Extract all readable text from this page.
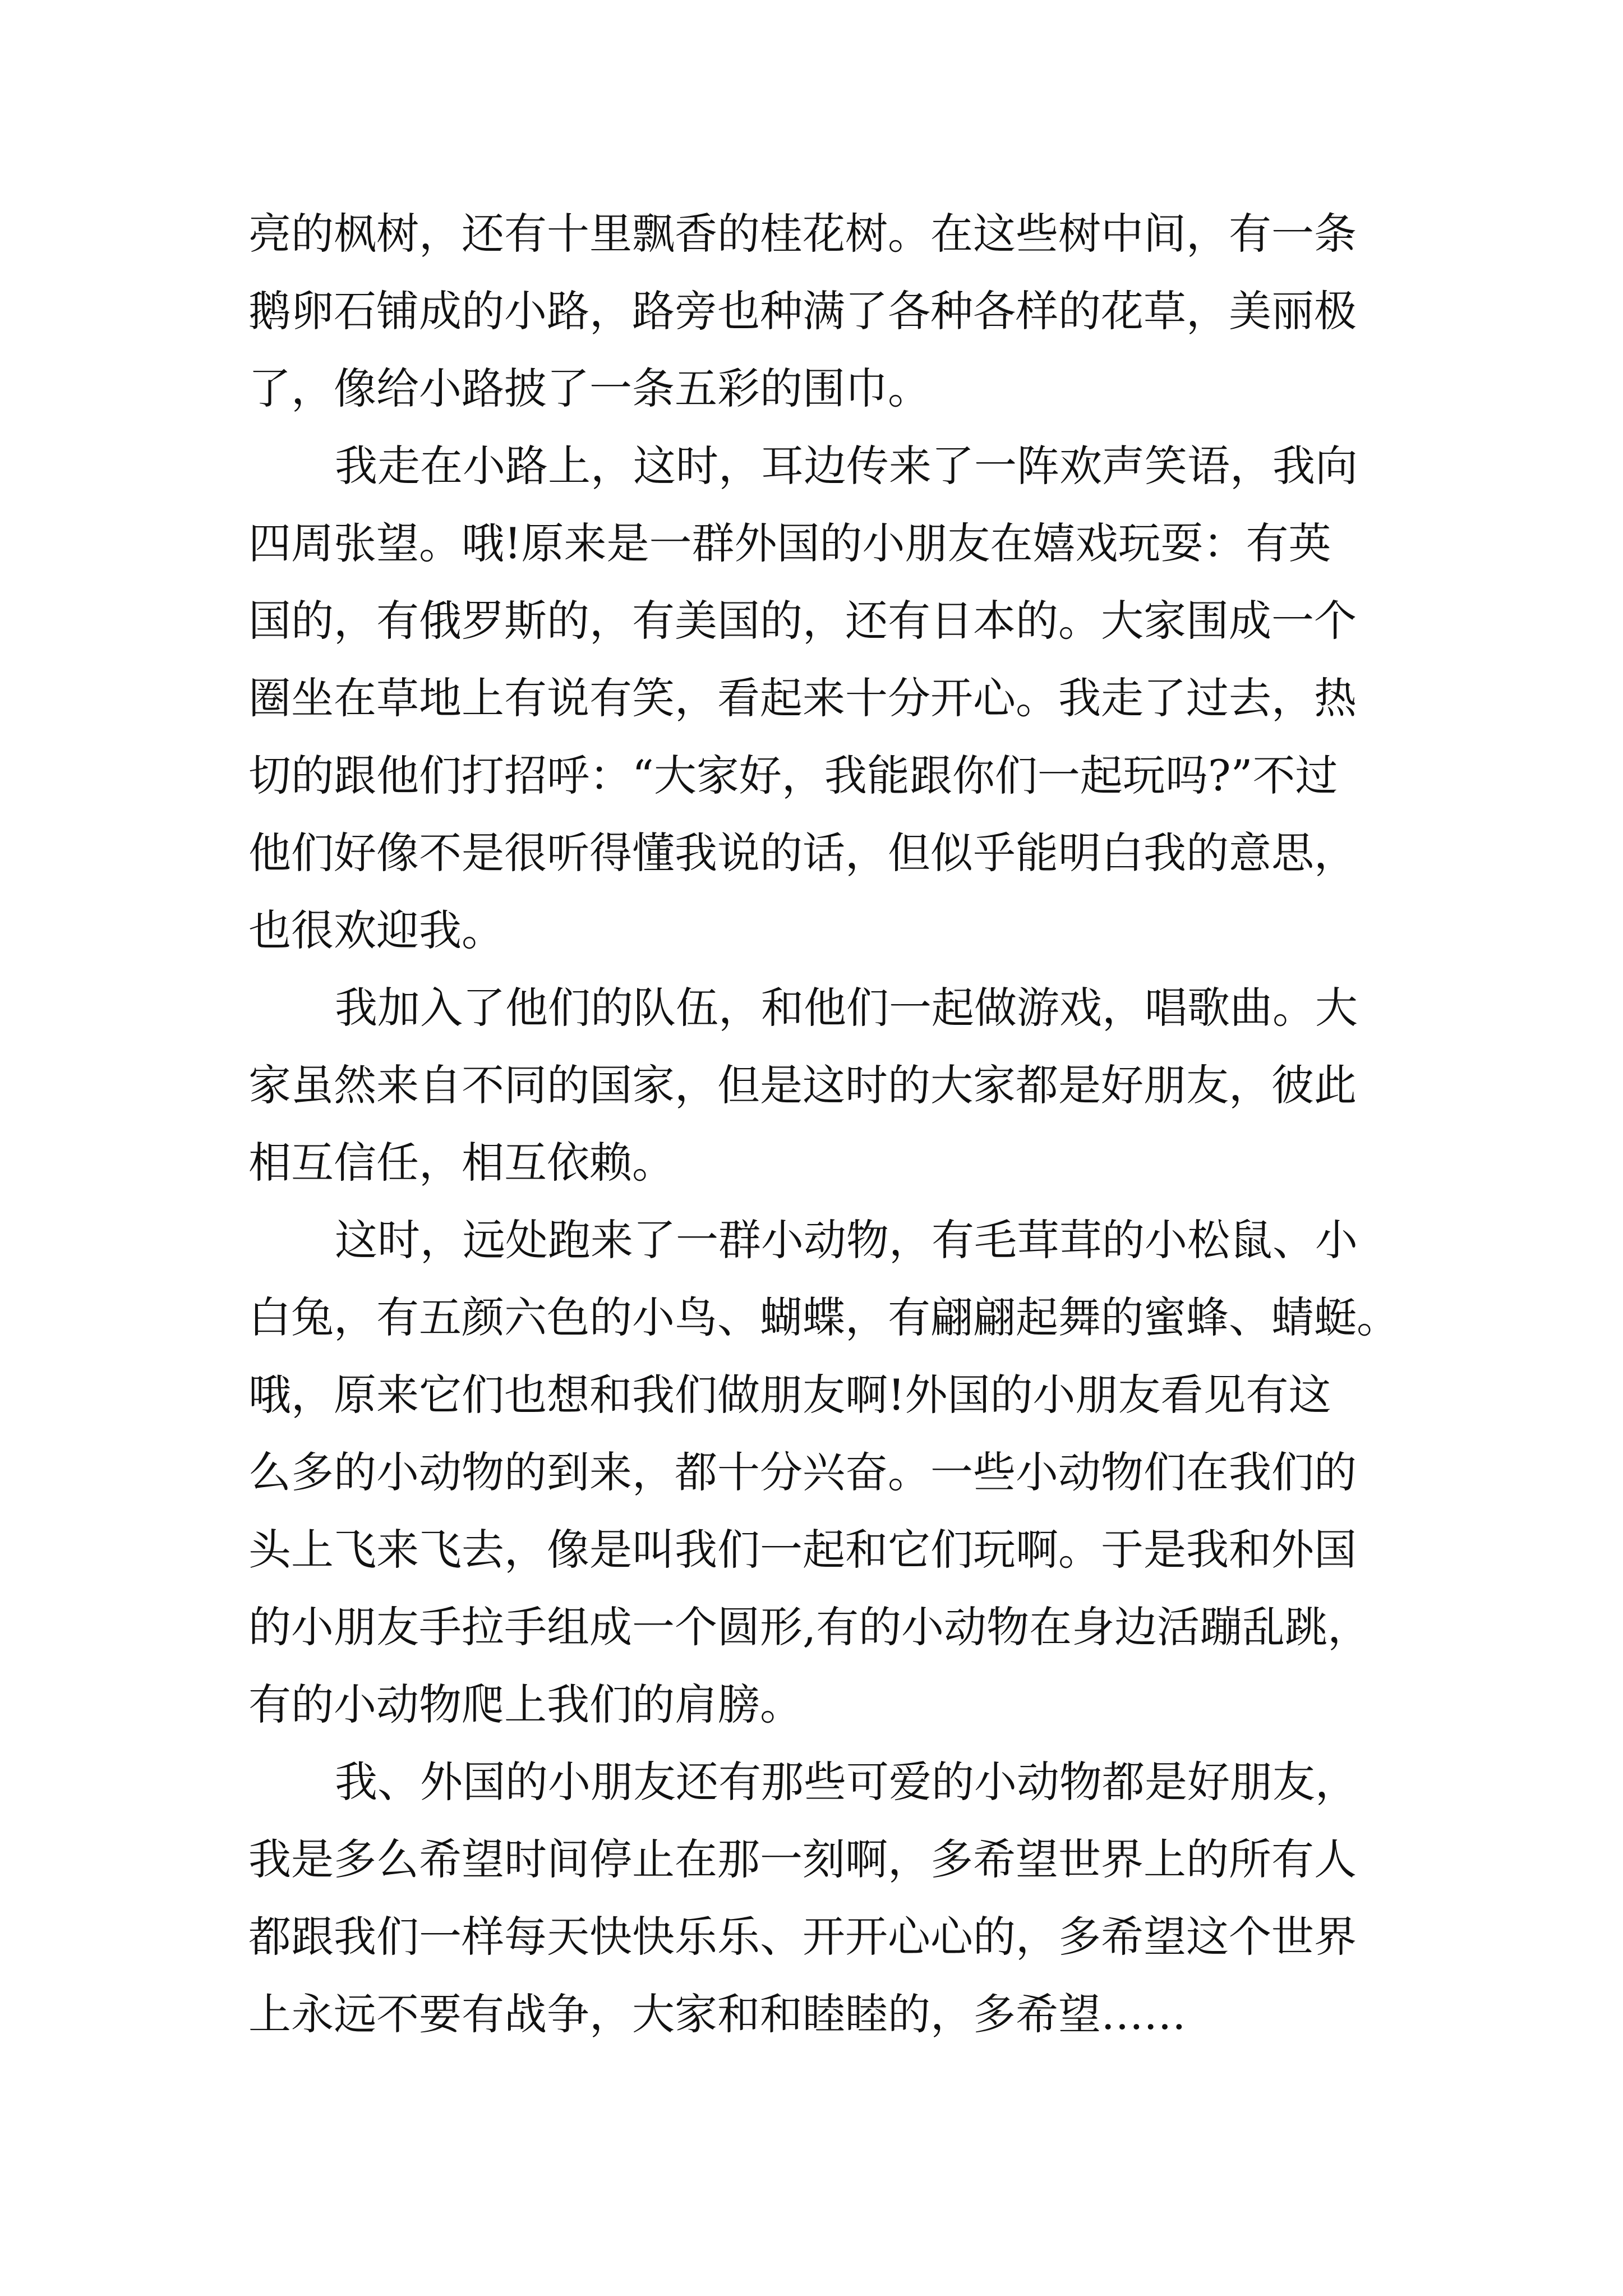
亮的枫树，还有十里飘香的桂花树。在这些树中间，有一条
鹅卵石铺成的小路，路旁也种满了各种各样的花草，美丽极
了，像给小路披了一条五彩的围巾。
我走在小路上，这时，耳边传来了一阵欢声笑语，我向
四周张望。哦!原来是一群外国的小朋友在嬉戏玩耍：有英
国的，有俄罗斯的，有美国的，还有日本的。大家围成一个
圈坐在草地上有说有笑，看起来十分开心。我走了过去，热
切的跟他们打招呼：“大家好，我能跟你们一起玩吗?”不过
他们好像不是很听得懂我说的话，但似乎能明白我的意思，
也很欢迎我。
我加入了他们的队伍，和他们一起做游戏，唱歌曲。大
家虽然来自不同的国家，但是这时的大家都是好朋友，彼此
相互信任，相互依赖。
这时，远处跑来了一群小动物，有毛茸茸的小松鼠、小
白兔，有五颜六色的小鸟、蝴蝶，有翩翩起舞的蜜蜂、蜻蜓。
哦，原来它们也想和我们做朋友啊!外国的小朋友看见有这
么多的小动物的到来，都十分兴奋。一些小动物们在我们的
头上飞来飞去，像是叫我们一起和它们玩啊。于是我和外国
的小朋友手拉手组成一个圆形,有的小动物在身边活蹦乱跳，
有的小动物爬上我们的肩膀。
我、外国的小朋友还有那些可爱的小动物都是好朋友，
我是多么希望时间停止在那一刻啊，多希望世界上的所有人
都跟我们一样每天快快乐乐、开开心心的，多希望这个世界
上永远不要有战争，大家和和睦睦的，多希望……
